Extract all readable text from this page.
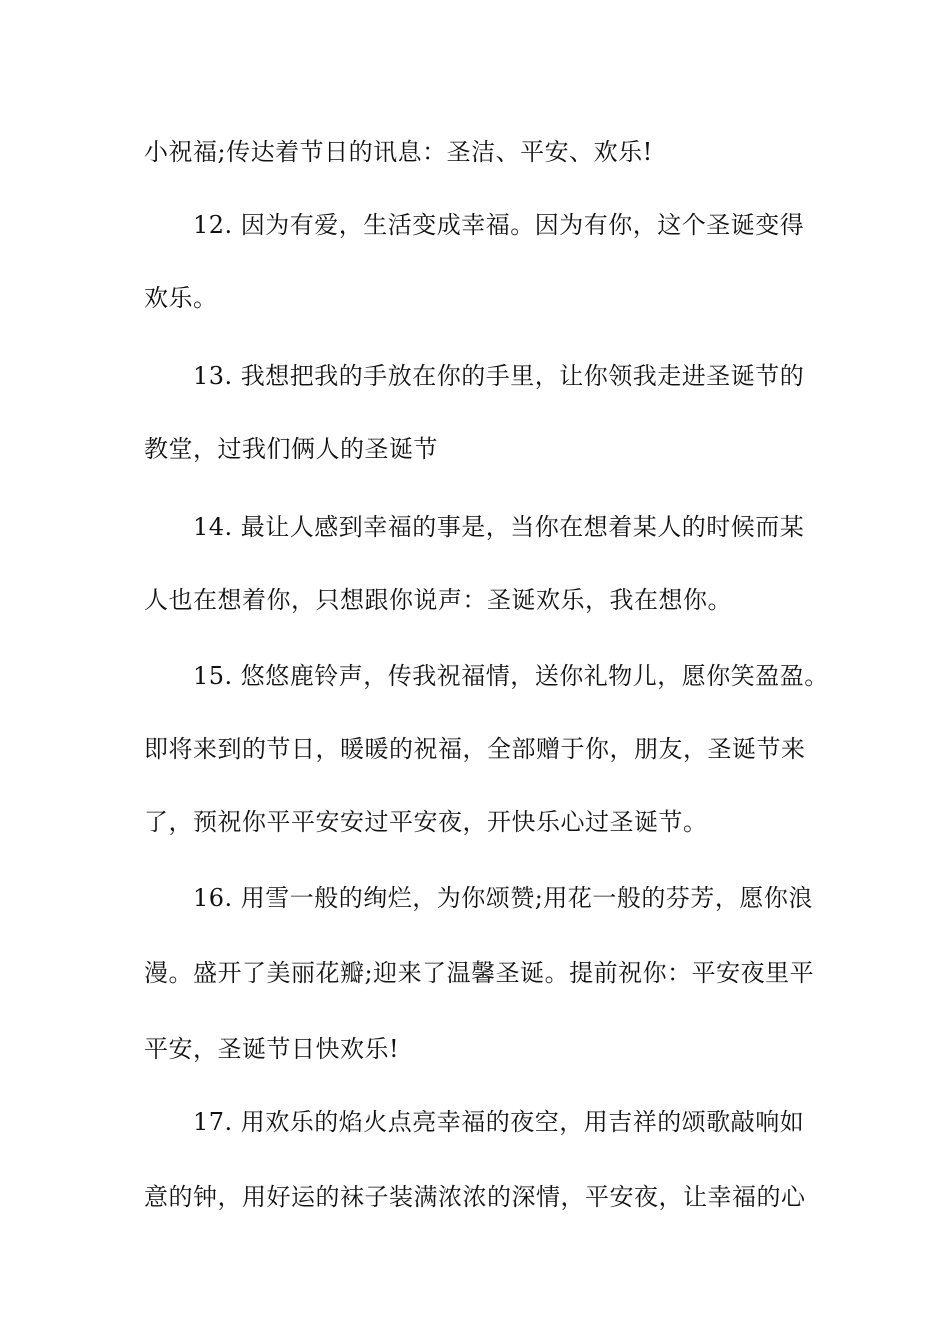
小祝福;传达着节日的讯息：圣洁、平安、欢乐!
12. 因为有爱，生活变成幸福。因为有你，这个圣诞变得
欢乐。
13. 我想把我的手放在你的手里，让你领我走进圣诞节的
教堂，过我们俩人的圣诞节
14. 最让人感到幸福的事是，当你在想着某人的时候而某
人也在想着你，只想跟你说声：圣诞欢乐，我在想你。
15. 悠悠鹿铃声，传我祝福情，送你礼物儿，愿你笑盈盈。
即将来到的节日，暖暖的祝福，全部赠于你，朋友，圣诞节来
了，预祝你平平安安过平安夜，开快乐心过圣诞节。
16. 用雪一般的绚烂，为你颂赞;用花一般的芬芳，愿你浪
漫。盛开了美丽花瓣;迎来了温馨圣诞。提前祝你：平安夜里平
平安，圣诞节日快欢乐!
17. 用欢乐的焰火点亮幸福的夜空，用吉祥的颂歌敲响如
意的钟，用好运的袜子装满浓浓的深情，平安夜，让幸福的心
